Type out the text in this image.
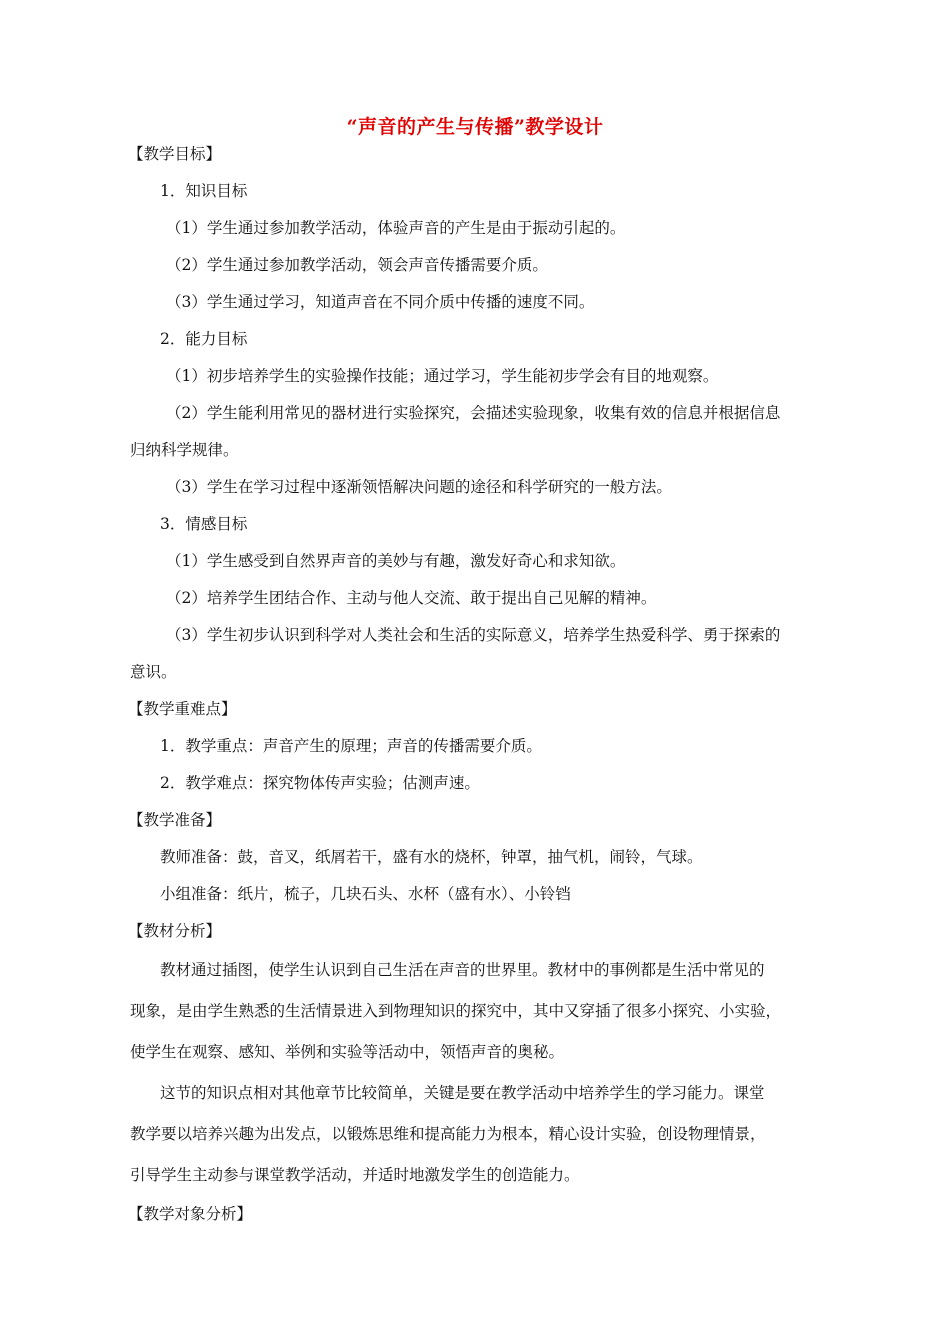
“声音的产生与传播”教学设计
【教学目标】
1．知识目标
（1）学生通过参加教学活动，体验声音的产生是由于振动引起的。
（2）学生通过参加教学活动，领会声音传播需要介质。
（3）学生通过学习，知道声音在不同介质中传播的速度不同。
2．能力目标
（1）初步培养学生的实验操作技能；通过学习，学生能初步学会有目的地观察。
（2）学生能利用常见的器材进行实验探究，会描述实验现象，收集有效的信息并根据信息
归纳科学规律。
（3）学生在学习过程中逐渐领悟解决问题的途径和科学研究的一般方法。
3．情感目标
（1）学生感受到自然界声音的美妙与有趣，激发好奇心和求知欲。
（2）培养学生团结合作、主动与他人交流、敢于提出自己见解的精神。
（3）学生初步认识到科学对人类社会和生活的实际意义，培养学生热爱科学、勇于探索的
意识。
【教学重难点】
1．教学重点：声音产生的原理；声音的传播需要介质。
2．教学难点：探究物体传声实验；估测声速。
【教学准备】
教师准备：鼓，音叉，纸屑若干，盛有水的烧杯，钟罩，抽气机，闹铃，气球。
小组准备：纸片，梳子，几块石头、水杯（盛有水）、小铃铛
【教材分析】
教材通过插图，使学生认识到自己生活在声音的世界里。教材中的事例都是生活中常见的
现象，是由学生熟悉的生活情景进入到物理知识的探究中，其中又穿插了很多小探究、小实验，
使学生在观察、感知、举例和实验等活动中，领悟声音的奥秘。
这节的知识点相对其他章节比较简单，关键是要在教学活动中培养学生的学习能力。课堂
教学要以培养兴趣为出发点，以锻炼思维和提高能力为根本，精心设计实验，创设物理情景，
引导学生主动参与课堂教学活动，并适时地激发学生的创造能力。
【教学对象分析】
